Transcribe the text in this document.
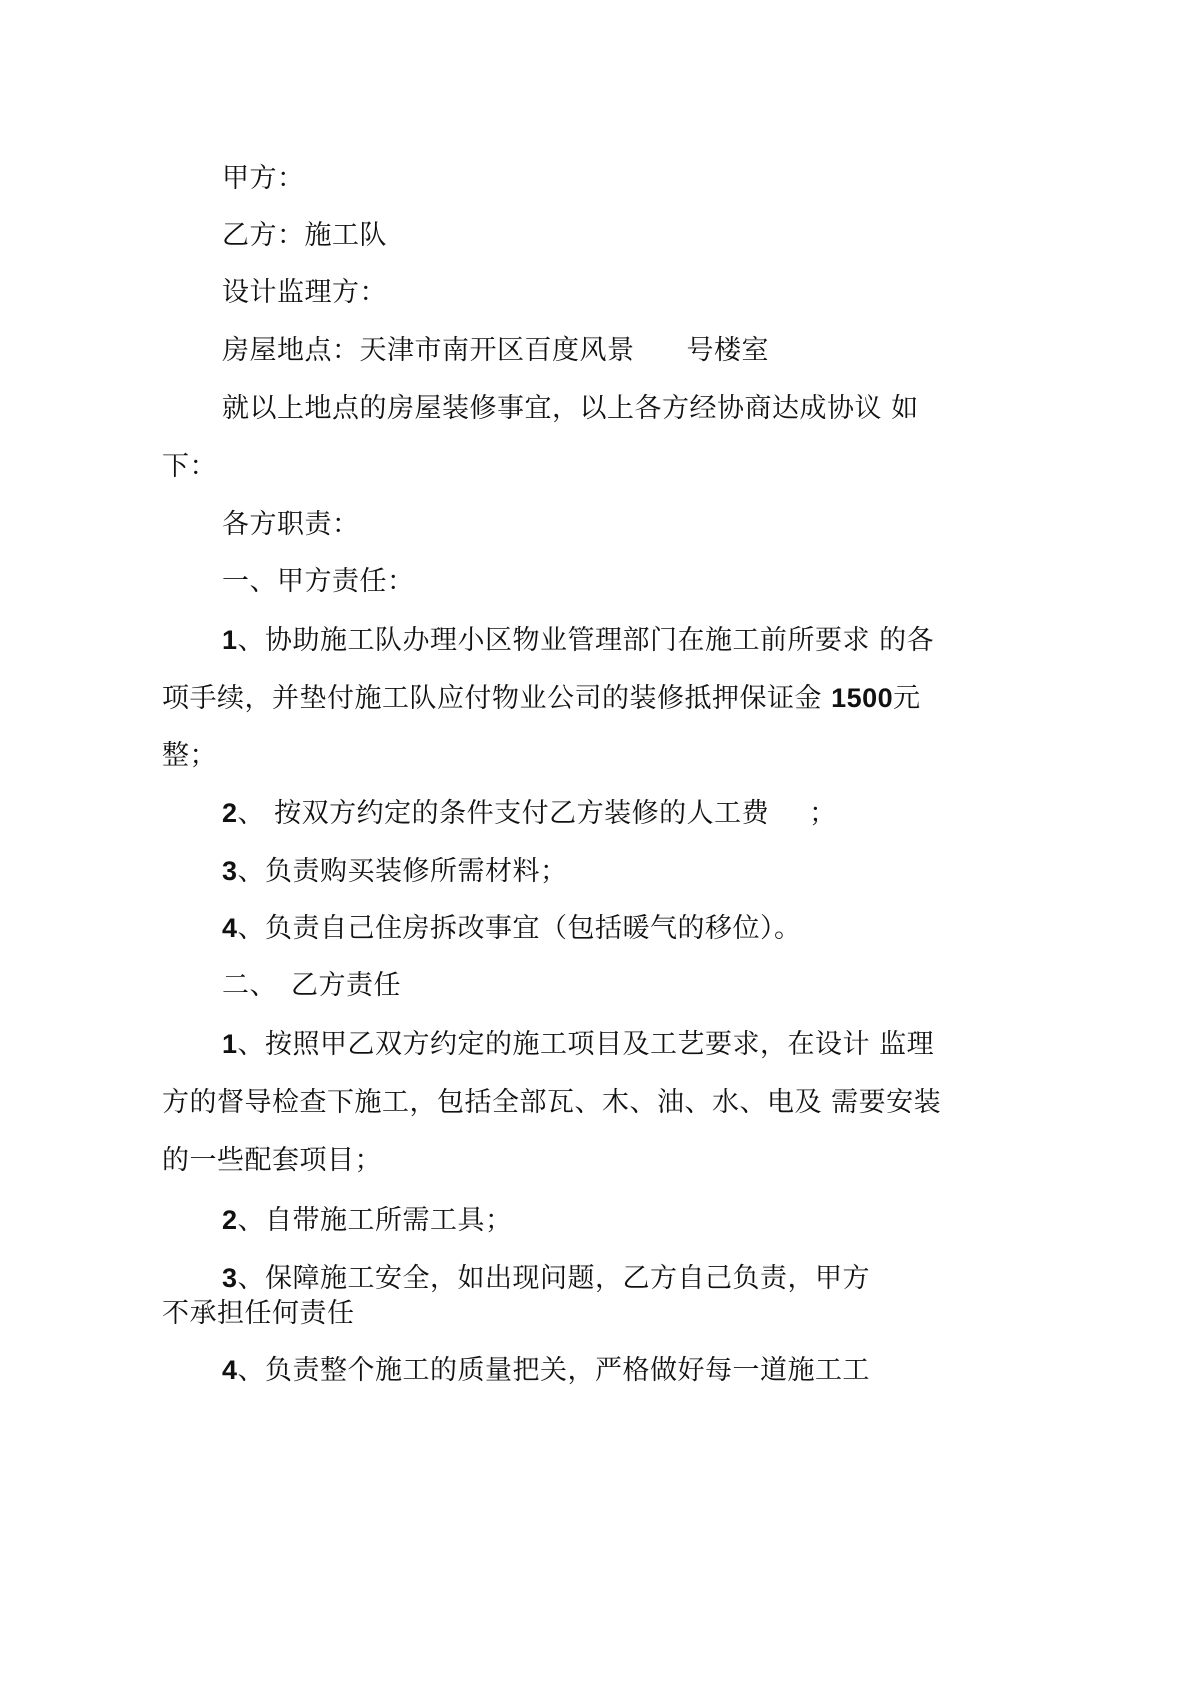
甲方：
乙方：施工队
设计监理方：
房屋地点：天津市南开区百度风景 号楼室
就以上地点的房屋装修事宜，以上各方经协商达成协议 如
下：
各方职责：
一、甲方责任：
1、协助施工队办理小区物业管理部门在施工前所要求 的各
项手续，并垫付施工队应付物业公司的装修抵押保证金 1500元
整；
2、 按双方约定的条件支付乙方装修的人工费 ；
3、负责购买装修所需材料；
4、负责自己住房拆改事宜（包括暖气的移位）。
二、 乙方责任
1、按照甲乙双方约定的施工项目及工艺要求，在设计 监理
方的督导检查下施工，包括全部瓦、木、油、水、电及 需要安装
的一些配套项目；
2、自带施工所需工具；
3、保障施工安全，如出现问题，乙方自己负责，甲方
不承担任何责任
4、负责整个施工的质量把关，严格做好每一道施工工
